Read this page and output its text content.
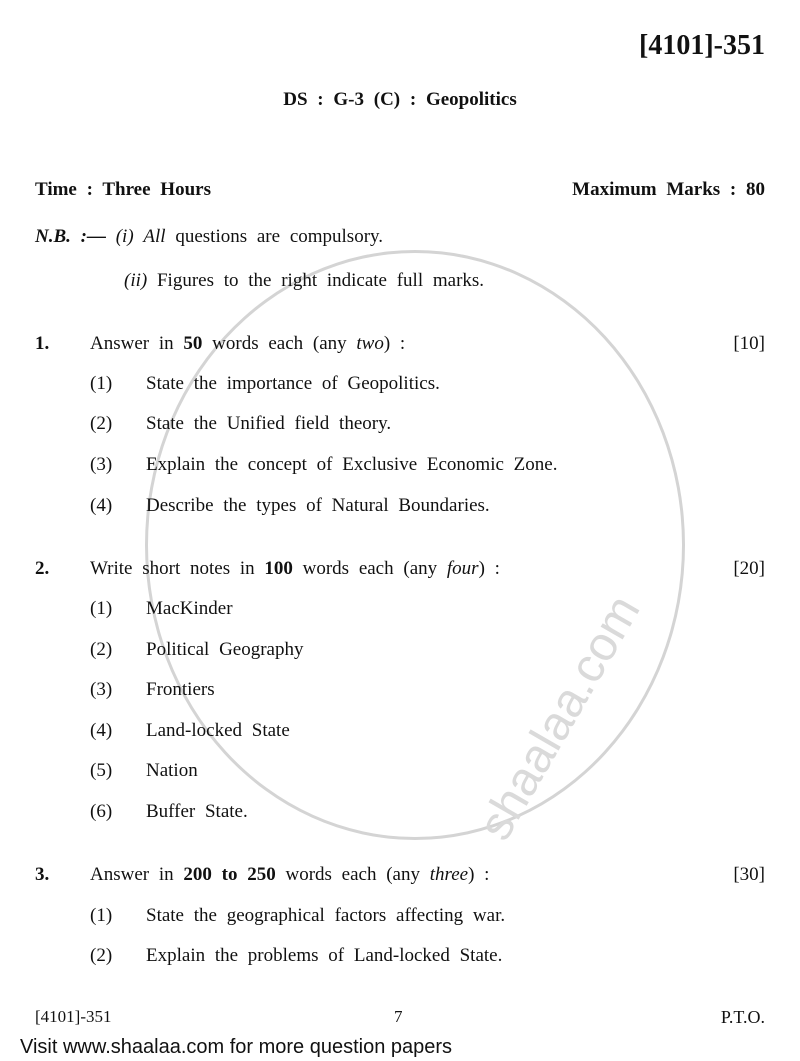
shaalaa.com
[4101]-351
DS : G-3 (C) : Geopolitics
Time : Three Hours	Maximum Marks : 80
N.B. :— (i) All questions are compulsory.
(ii) Figures to the right indicate full marks.
1. Answer in 50 words each (any two) :	[10]
(1) State the importance of Geopolitics.
(2) State the Unified field theory.
(3) Explain the concept of Exclusive Economic Zone.
(4) Describe the types of Natural Boundaries.
2. Write short notes in 100 words each (any four) :	[20]
(1) MacKinder
(2) Political Geography
(3) Frontiers
(4) Land-locked State
(5) Nation
(6) Buffer State.
3. Answer in 200 to 250 words each (any three) :	[30]
(1) State the geographical factors affecting war.
(2) Explain the problems of Land-locked State.
[4101]-351	7	P.T.O.
Visit www.shaalaa.com for more question papers
